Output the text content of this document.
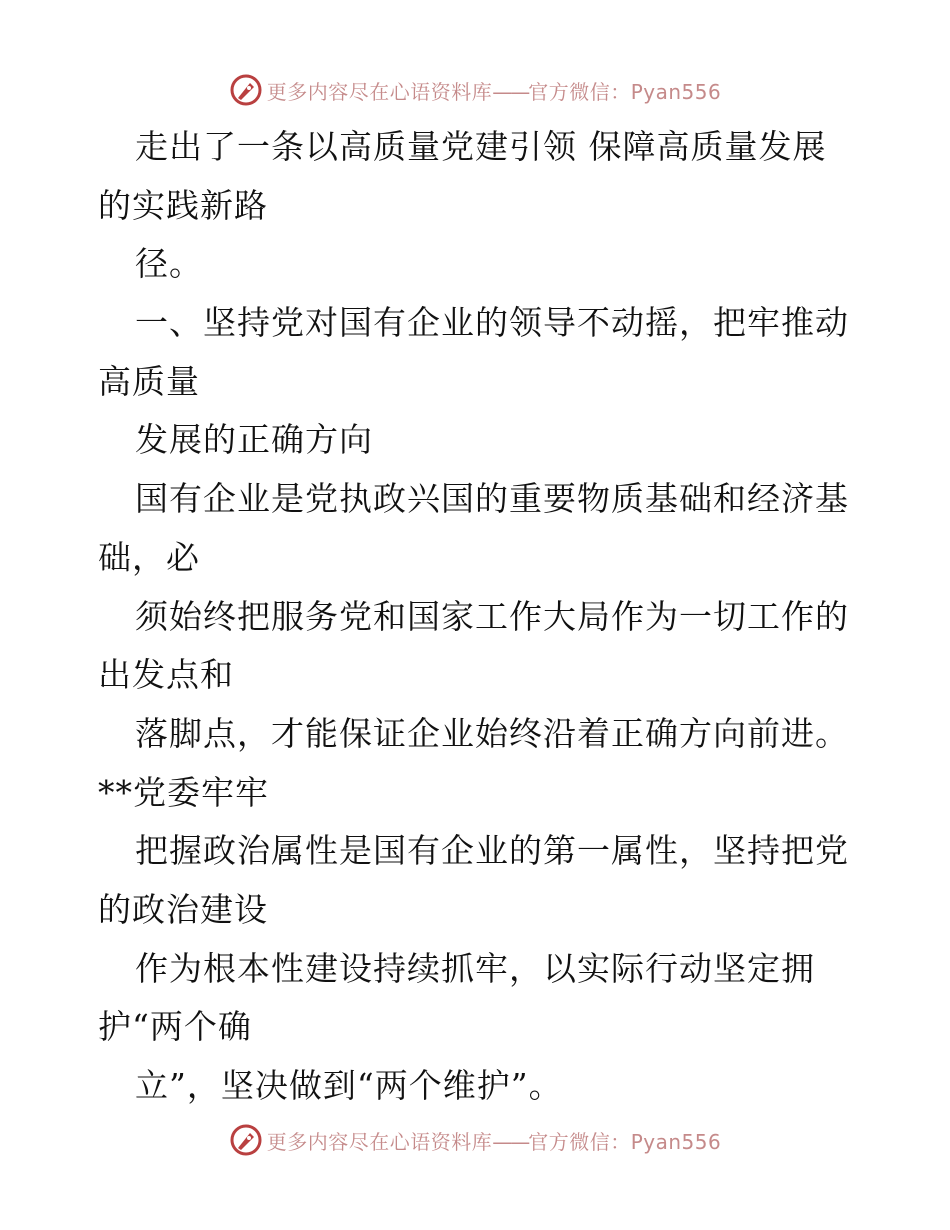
更多内容尽在心语资料库——官方微信：Pyan556
走出了一条以高质量党建引领 保障高质量发展
的实践新路
径。
一、坚持党对国有企业的领导不动摇，把牢推动
高质量
发展的正确方向
国有企业是党执政兴国的重要物质基础和经济基
础，必
须始终把服务党和国家工作大局作为一切工作的
出发点和
落脚点，才能保证企业始终沿着正确方向前进。
**党委牢牢
把握政治属性是国有企业的第一属性，坚持把党
的政治建设
作为根本性建设持续抓牢，以实际行动坚定拥
护“两个确
立”，坚决做到“两个维护”。
更多内容尽在心语资料库——官方微信：Pyan556
